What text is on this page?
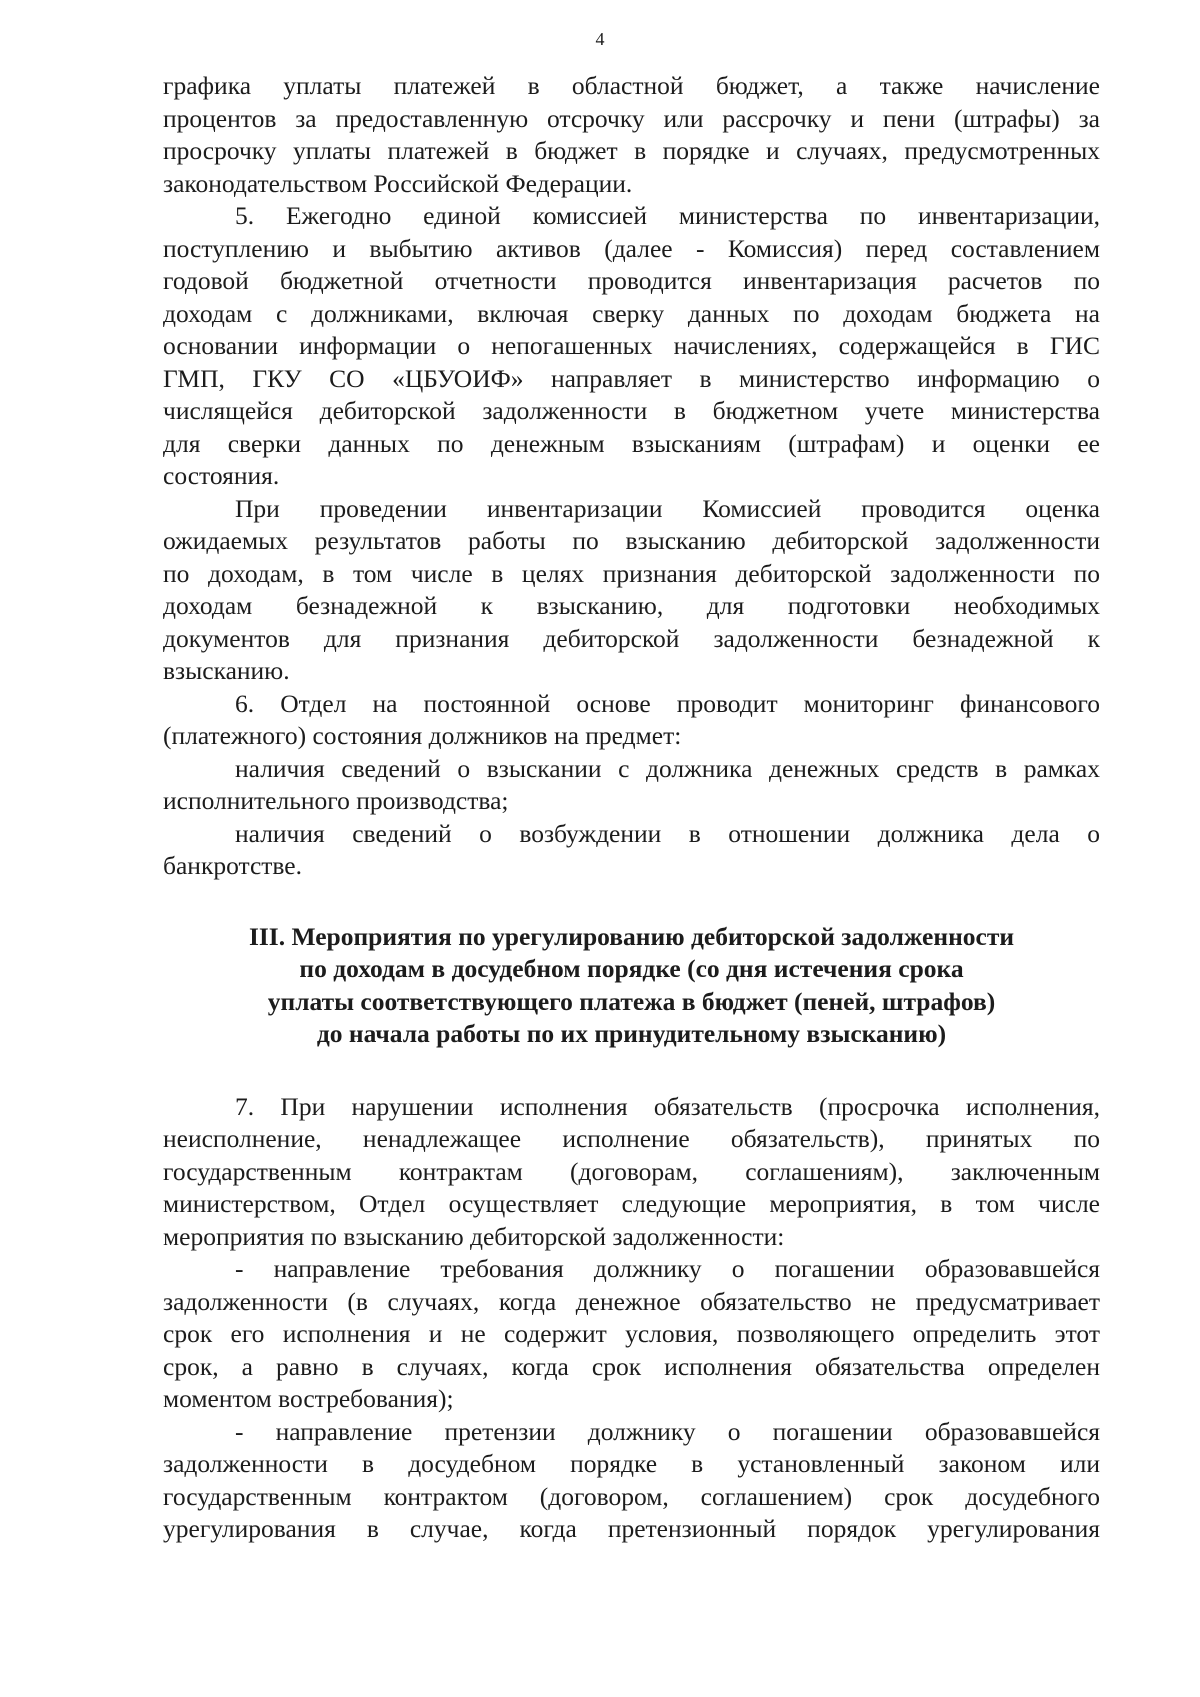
4
графика уплаты платежей в областной бюджет, а также начисление
процентов за предоставленную отсрочку или рассрочку и пени (штрафы) за
просрочку уплаты платежей в бюджет в порядке и случаях, предусмотренных
законодательством Российской Федерации.
5. Ежегодно единой комиссией министерства по инвентаризации,
поступлению и выбытию активов (далее - Комиссия) перед составлением
годовой бюджетной отчетности проводится инвентаризация расчетов по
доходам с должниками, включая сверку данных по доходам бюджета на
основании информации о непогашенных начислениях, содержащейся в ГИС
ГМП, ГКУ СО «ЦБУОИФ» направляет в министерство информацию о
числящейся дебиторской задолженности в бюджетном учете министерства
для сверки данных по денежным взысканиям (штрафам) и оценки ее
состояния.
При проведении инвентаризации Комиссией проводится оценка
ожидаемых результатов работы по взысканию дебиторской задолженности
по доходам, в том числе в целях признания дебиторской задолженности по
доходам безнадежной к взысканию, для подготовки необходимых
документов для признания дебиторской задолженности безнадежной к
взысканию.
6. Отдел на постоянной основе проводит мониторинг финансового
(платежного) состояния должников на предмет:
наличия сведений о взыскании с должника денежных средств в рамках
исполнительного производства;
наличия сведений о возбуждении в отношении должника дела о
банкротстве.
III. Мероприятия по урегулированию дебиторской задолженности
по доходам в досудебном порядке (со дня истечения срока
уплаты соответствующего платежа в бюджет (пеней, штрафов)
до начала работы по их принудительному взысканию)
7. При нарушении исполнения обязательств (просрочка исполнения,
неисполнение, ненадлежащее исполнение обязательств), принятых по
государственным контрактам (договорам, соглашениям), заключенным
министерством, Отдел осуществляет следующие мероприятия, в том числе
мероприятия по взысканию дебиторской задолженности:
- направление требования должнику о погашении образовавшейся
задолженности (в случаях, когда денежное обязательство не предусматривает
срок его исполнения и не содержит условия, позволяющего определить этот
срок, а равно в случаях, когда срок исполнения обязательства определен
моментом востребования);
- направление претензии должнику о погашении образовавшейся
задолженности в досудебном порядке в установленный законом или
государственным контрактом (договором, соглашением) срок досудебного
урегулирования в случае, когда претензионный порядок урегулирования
